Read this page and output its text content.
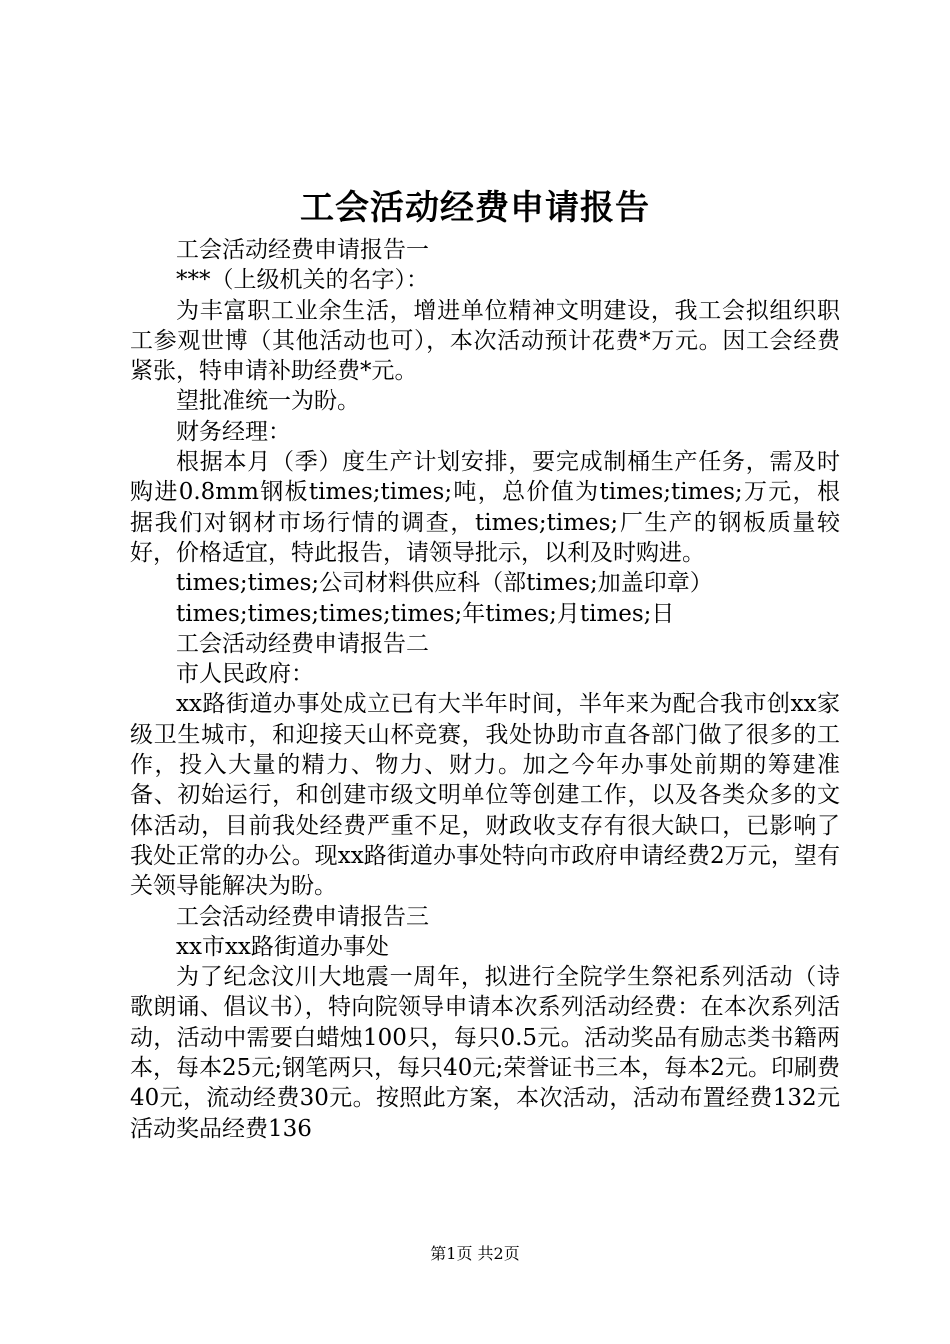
工会活动经费申请报告

工会活动经费申请报告一

***（上级机关的名字）：

为丰富职工业余生活，增进单位精神文明建设，我工会拟组织职工参观世博（其他活动也可），本次活动预计花费*万元。因工会经费紧张，特申请补助经费*元。

望批准统一为盼。

财务经理：

根据本月（季）度生产计划安排，要完成制桶生产任务，需及时购进0.8mm钢板times;times;吨，总价值为times;times;万元，根据我们对钢材市场行情的调查，times;times;厂生产的钢板质量较好，价格适宜，特此报告，请领导批示，以利及时购进。

times;times;公司材料供应科（部times;加盖印章）

times;times;times;times;年times;月times;日

工会活动经费申请报告二

市人民政府：

xx路街道办事处成立已有大半年时间，半年来为配合我市创xx家级卫生城市，和迎接天山杯竞赛，我处协助市直各部门做了很多的工作，投入大量的精力、物力、财力。加之今年办事处前期的筹建准备、初始运行，和创建市级文明单位等创建工作，以及各类众多的文体活动，目前我处经费严重不足，财政收支存有很大缺口，已影响了我处正常的办公。现xx路街道办事处特向市政府申请经费2万元，望有关领导能解决为盼。

工会活动经费申请报告三

xx市xx路街道办事处

为了纪念汶川大地震一周年，拟进行全院学生祭祀系列活动（诗歌朗诵、倡议书），特向院领导申请本次系列活动经费：在本次系列活动，活动中需要白蜡烛100只，每只0.5元。活动奖品有励志类书籍两本，每本25元;钢笔两只，每只40元;荣誉证书三本，每本2元。印刷费40元，流动经费30元。按照此方案，本次活动，活动布置经费132元活动奖品经费136

第1页 共2页
